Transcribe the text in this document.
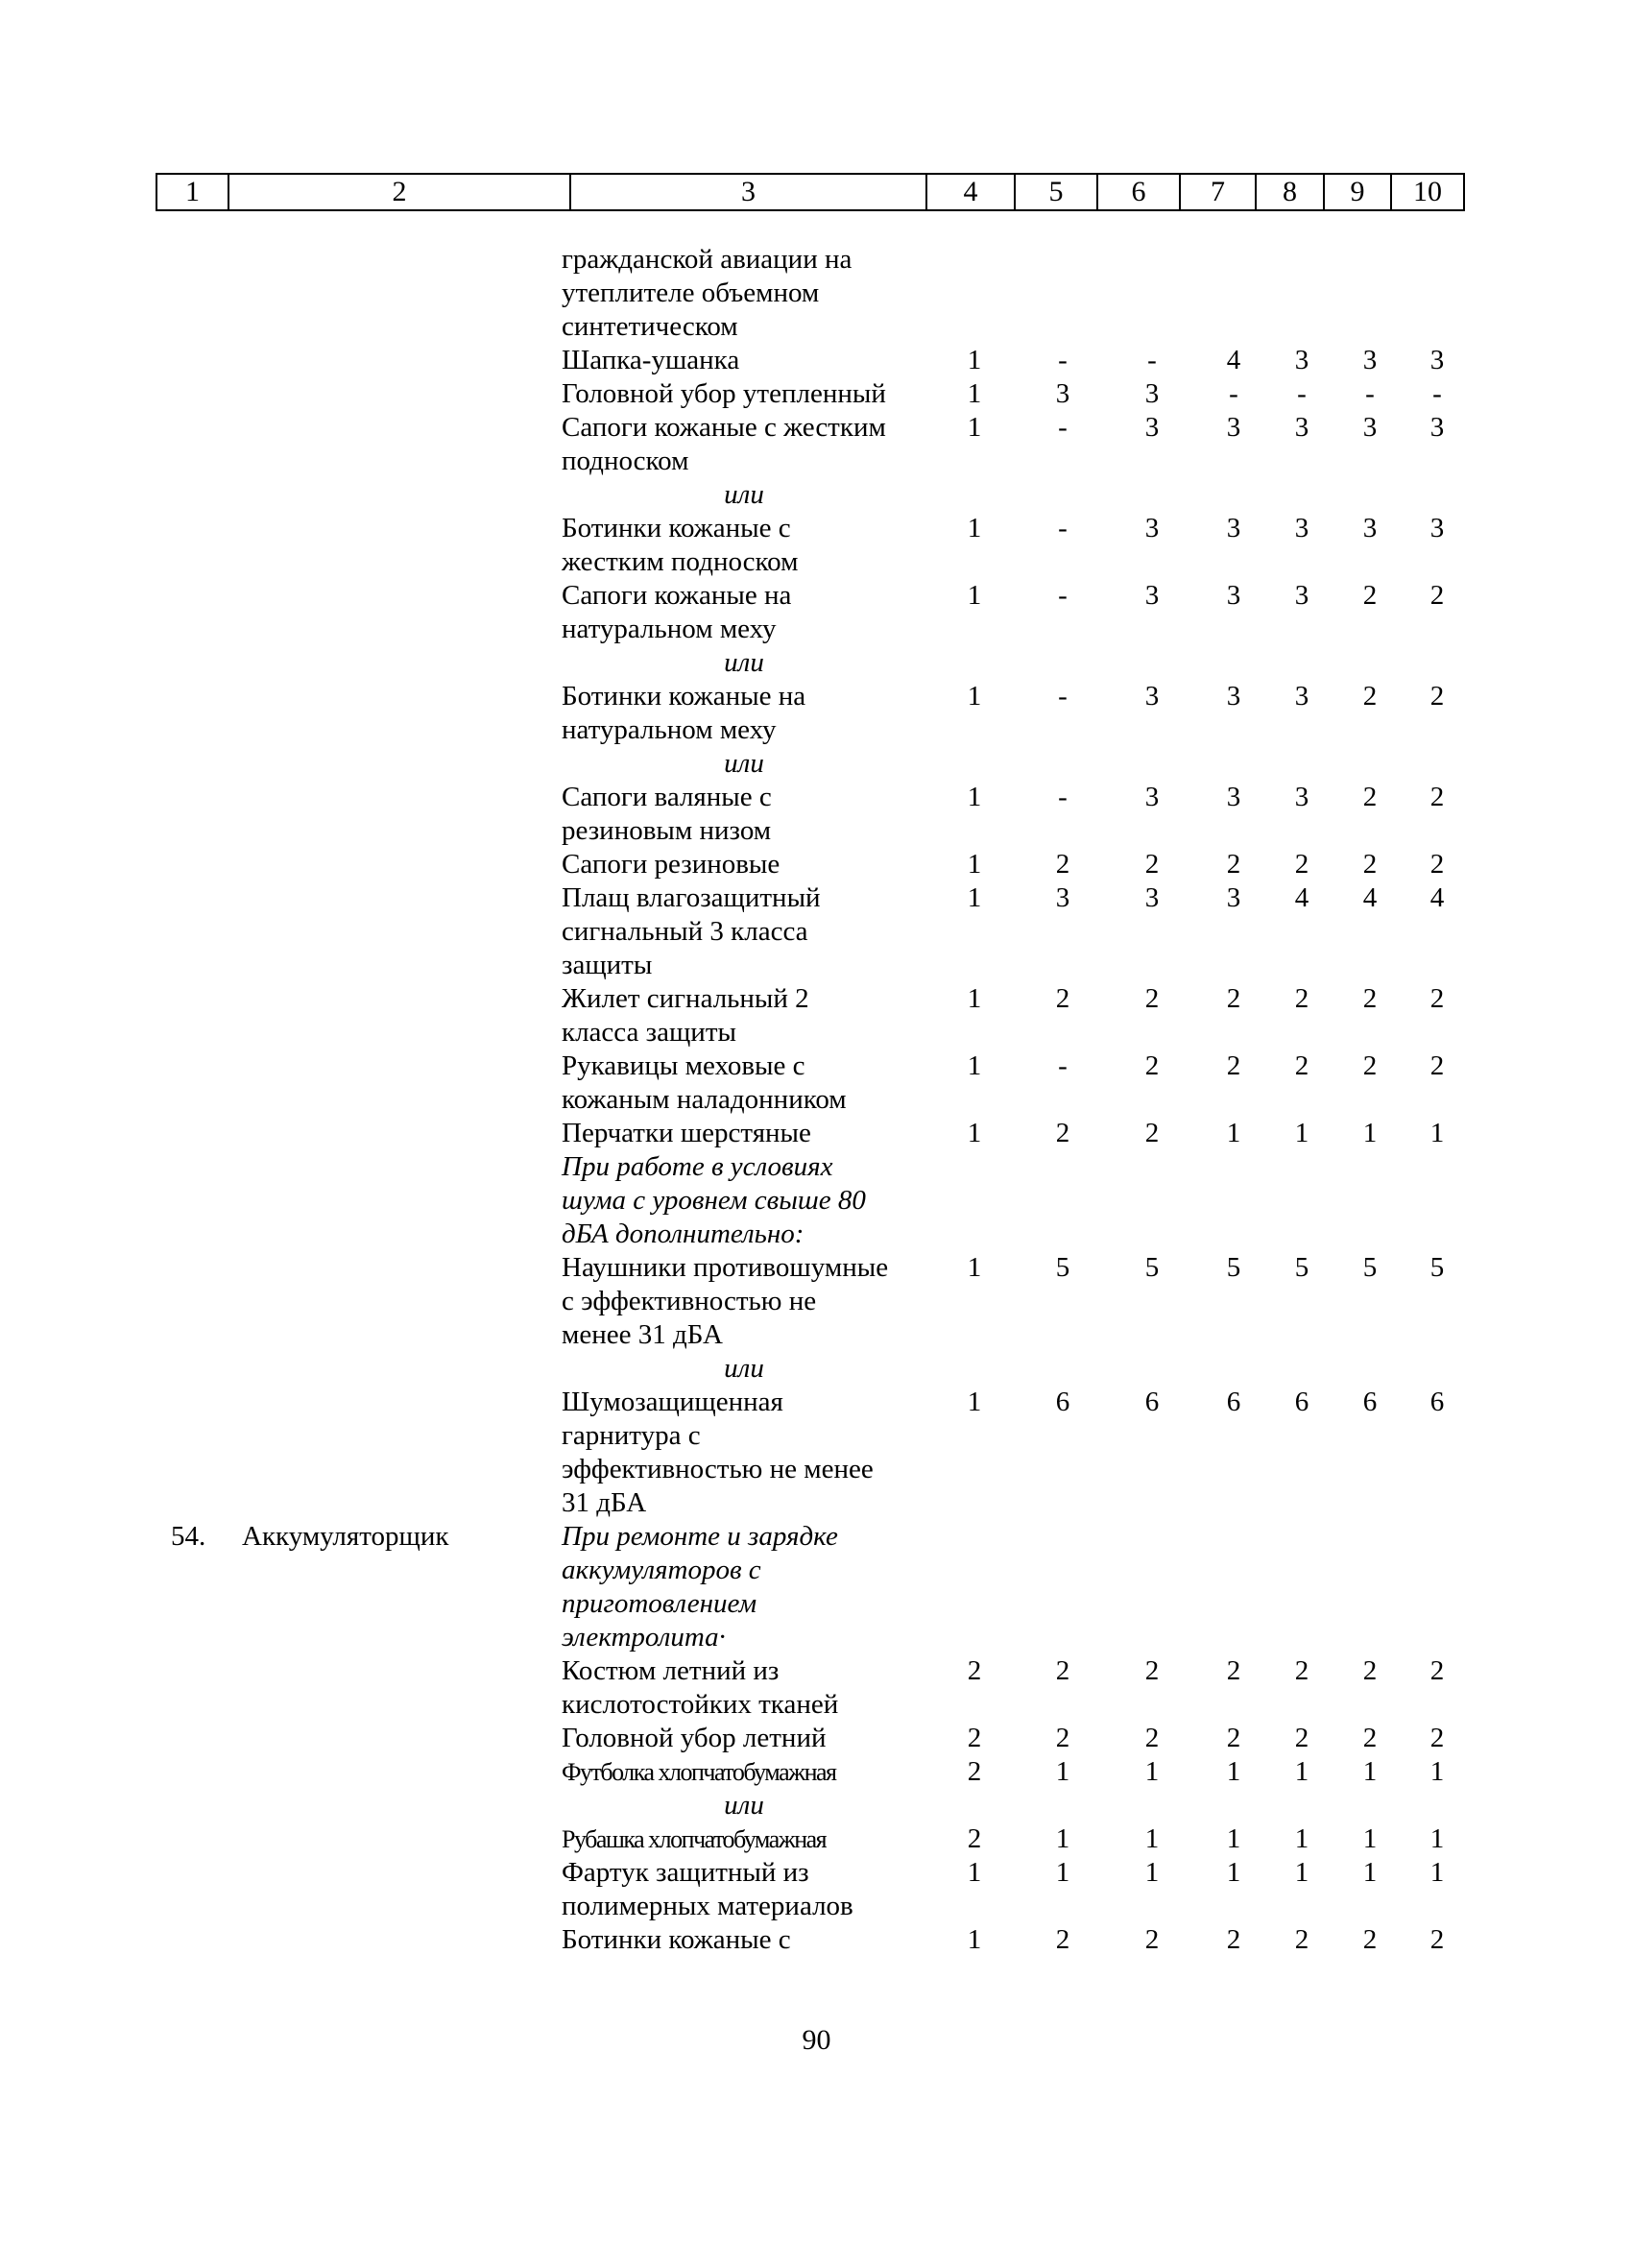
1	2	3	4	5	6	7	8	9	10
гражданской авиации на
утеплителе объемном
синтетическом
Шапка-ушанка	1	-	-	4	3	3	3
Головной убор утепленный	1	3	3	-	-	-	-
Сапоги кожаные с жестким
подноском
1	-	3	3	3	3	3
или
Ботинки кожаные с
жестким подноском
1	-	3	3	3	3	3
Сапоги кожаные на
натуральном меху
1	-	3	3	3	2	2
или
Ботинки кожаные на
натуральном меху
1	-	3	3	3	2	2
или
Сапоги валяные с
резиновым низом
1	-	3	3	3	2	2
Сапоги резиновые	1	2	2	2	2	2	2
Плащ влагозащитный
сигнальный 3 класса
защиты
1	3	3	3	4	4	4
Жилет сигнальный 2
класса защиты
1	2	2	2	2	2	2
Рукавицы меховые с
кожаным наладонником
1	-	2	2	2	2	2
Перчатки шерстяные	1	2	2	1	1	1	1
При работе в условиях
шума с уровнем свыше 80
дБА дополнительно:
Наушники противошумные
с эффективностью не
менее 31 дБА
1	5	5	5	5	5	5
или
Шумозащищенная
гарнитура с
эффективностью не менее
31 дБА
1	6	6	6	6	6	6
54. Аккумуляторщик	При ремонте и зарядке
аккумуляторов с
приготовлением
электролита·
Костюм летний из
кислотостойких тканей
2	2	2	2	2	2	2
Головной убор летний	2	2	2	2	2	2	2
Футболка хлопчатобумажная	2	1	1	1	1	1	1
или
Рубашка хлопчатобумажная	2	1	1	1	1	1	1
Фартук защитный из
полимерных материалов
1	1	1	1	1	1	1
Ботинки кожаные с	1	2	2	2	2	2	2
90
